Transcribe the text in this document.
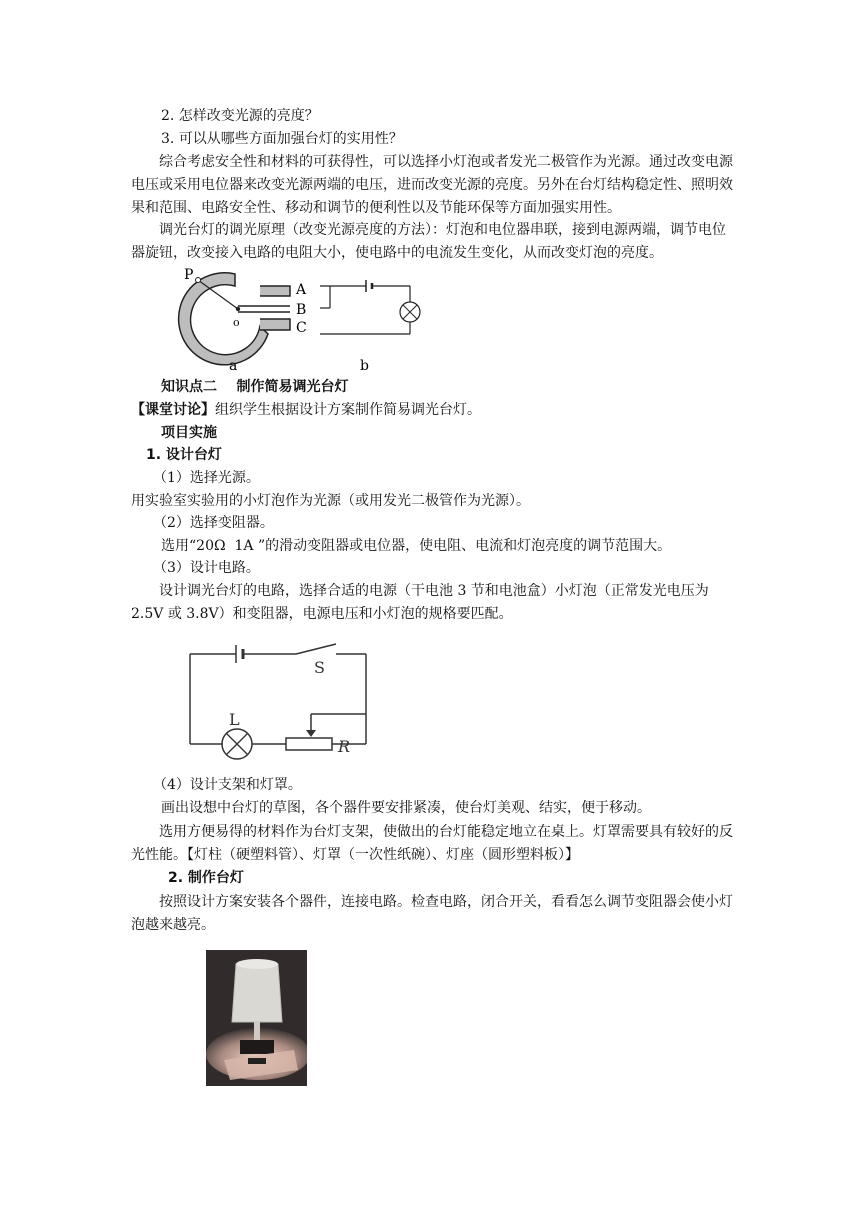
2. 怎样改变光源的亮度？
3. 可以从哪些方面加强台灯的实用性？
综合考虑安全性和材料的可获得性，可以选择小灯泡或者发光二极管作为光源。通过改变电源电压或采用电位器来改变光源两端的电压，进而改变光源的亮度。另外在台灯结构稳定性、照明效果和范围、电路安全性、移动和调节的便利性以及节能环保等方面加强实用性。
调光台灯的调光原理（改变光源亮度的方法）：灯泡和电位器串联，接到电源两端，调节电位器旋钮，改变接入电路的电阻大小，使电路中的电流发生变化，从而改变灯泡的亮度。
P
o
A
B
C
a	b
知识点二    制作简易调光台灯
【课堂讨论】组织学生根据设计方案制作简易调光台灯。
项目实施
1. 设计台灯
（1）选择光源。
用实验室实验用的小灯泡作为光源（或用发光二极管作为光源）。
（2）选择变阻器。
选用“20Ω  1A ”的滑动变阻器或电位器，使电阻、电流和灯泡亮度的调节范围大。
（3）设计电路。
设计调光台灯的电路，选择合适的电源（干电池 3 节和电池盒）小灯泡（正常发光电压为 2.5V 或 3.8V）和变阻器，电源电压和小灯泡的规格要匹配。
S
L
R
（4）设计支架和灯罩。
画出设想中台灯的草图，各个器件要安排紧凑，使台灯美观、结实，便于移动。
选用方便易得的材料作为台灯支架，使做出的台灯能稳定地立在桌上。灯罩需要具有较好的反光性能。【灯柱（硬塑料管）、灯罩（一次性纸碗）、灯座（圆形塑料板）】
2. 制作台灯
按照设计方案安装各个器件，连接电路。检查电路，闭合开关，看看怎么调节变阻器会使小灯泡越来越亮。
